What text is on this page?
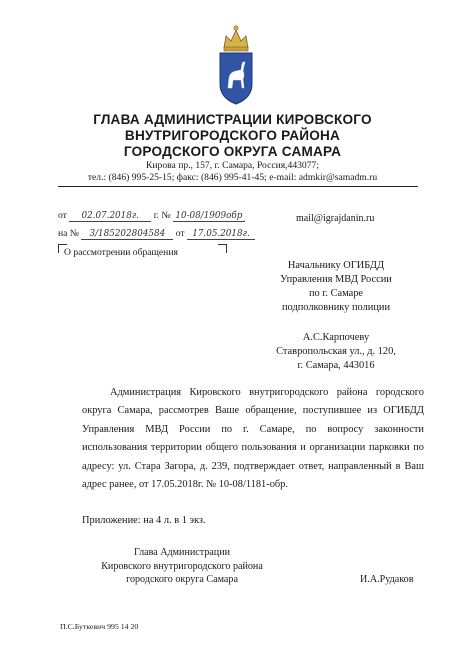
ГЛАВА АДМИНИСТРАЦИИ КИРОВСКОГО
ВНУТРИГОРОДСКОГО РАЙОНА
ГОРОДСКОГО ОКРУГА САМАРА
Кирова пр., 157, г. Самара, Россия,443077;
тел.: (846) 995-25-15; факс: (846) 995-41-45; e-mail: admkir@samadm.ru
от 02.07.2018г. г. № 10-08/1909обр
на № 3/185202804584 от 17.05.2018г.
О рассмотрении обращения
mail@igrajdanin.ru
Начальнику ОГИБДД
Управления МВД России
по г. Самаре
подполковнику полиции
А.С.Карпочеву
Ставропольская ул., д. 120,
г. Самара, 443016
Администрация Кировского внутригородского района городского округа Самара, рассмотрев Ваше обращение, поступившее из ОГИБДД Управления МВД России по г. Самаре, по вопросу законности использования территории общего пользования и организации парковки по адресу: ул. Стара Загора, д. 239, подтверждает ответ, направленный в Ваш адрес ранее, от 17.05.2018г. № 10-08/1181-обр.
Приложение: на 4 л. в 1 экз.
Глава Администрации
Кировского внутригородского района
городского округа Самара	И.А.Рудаков
П.С.Буткевич 995 14 20
